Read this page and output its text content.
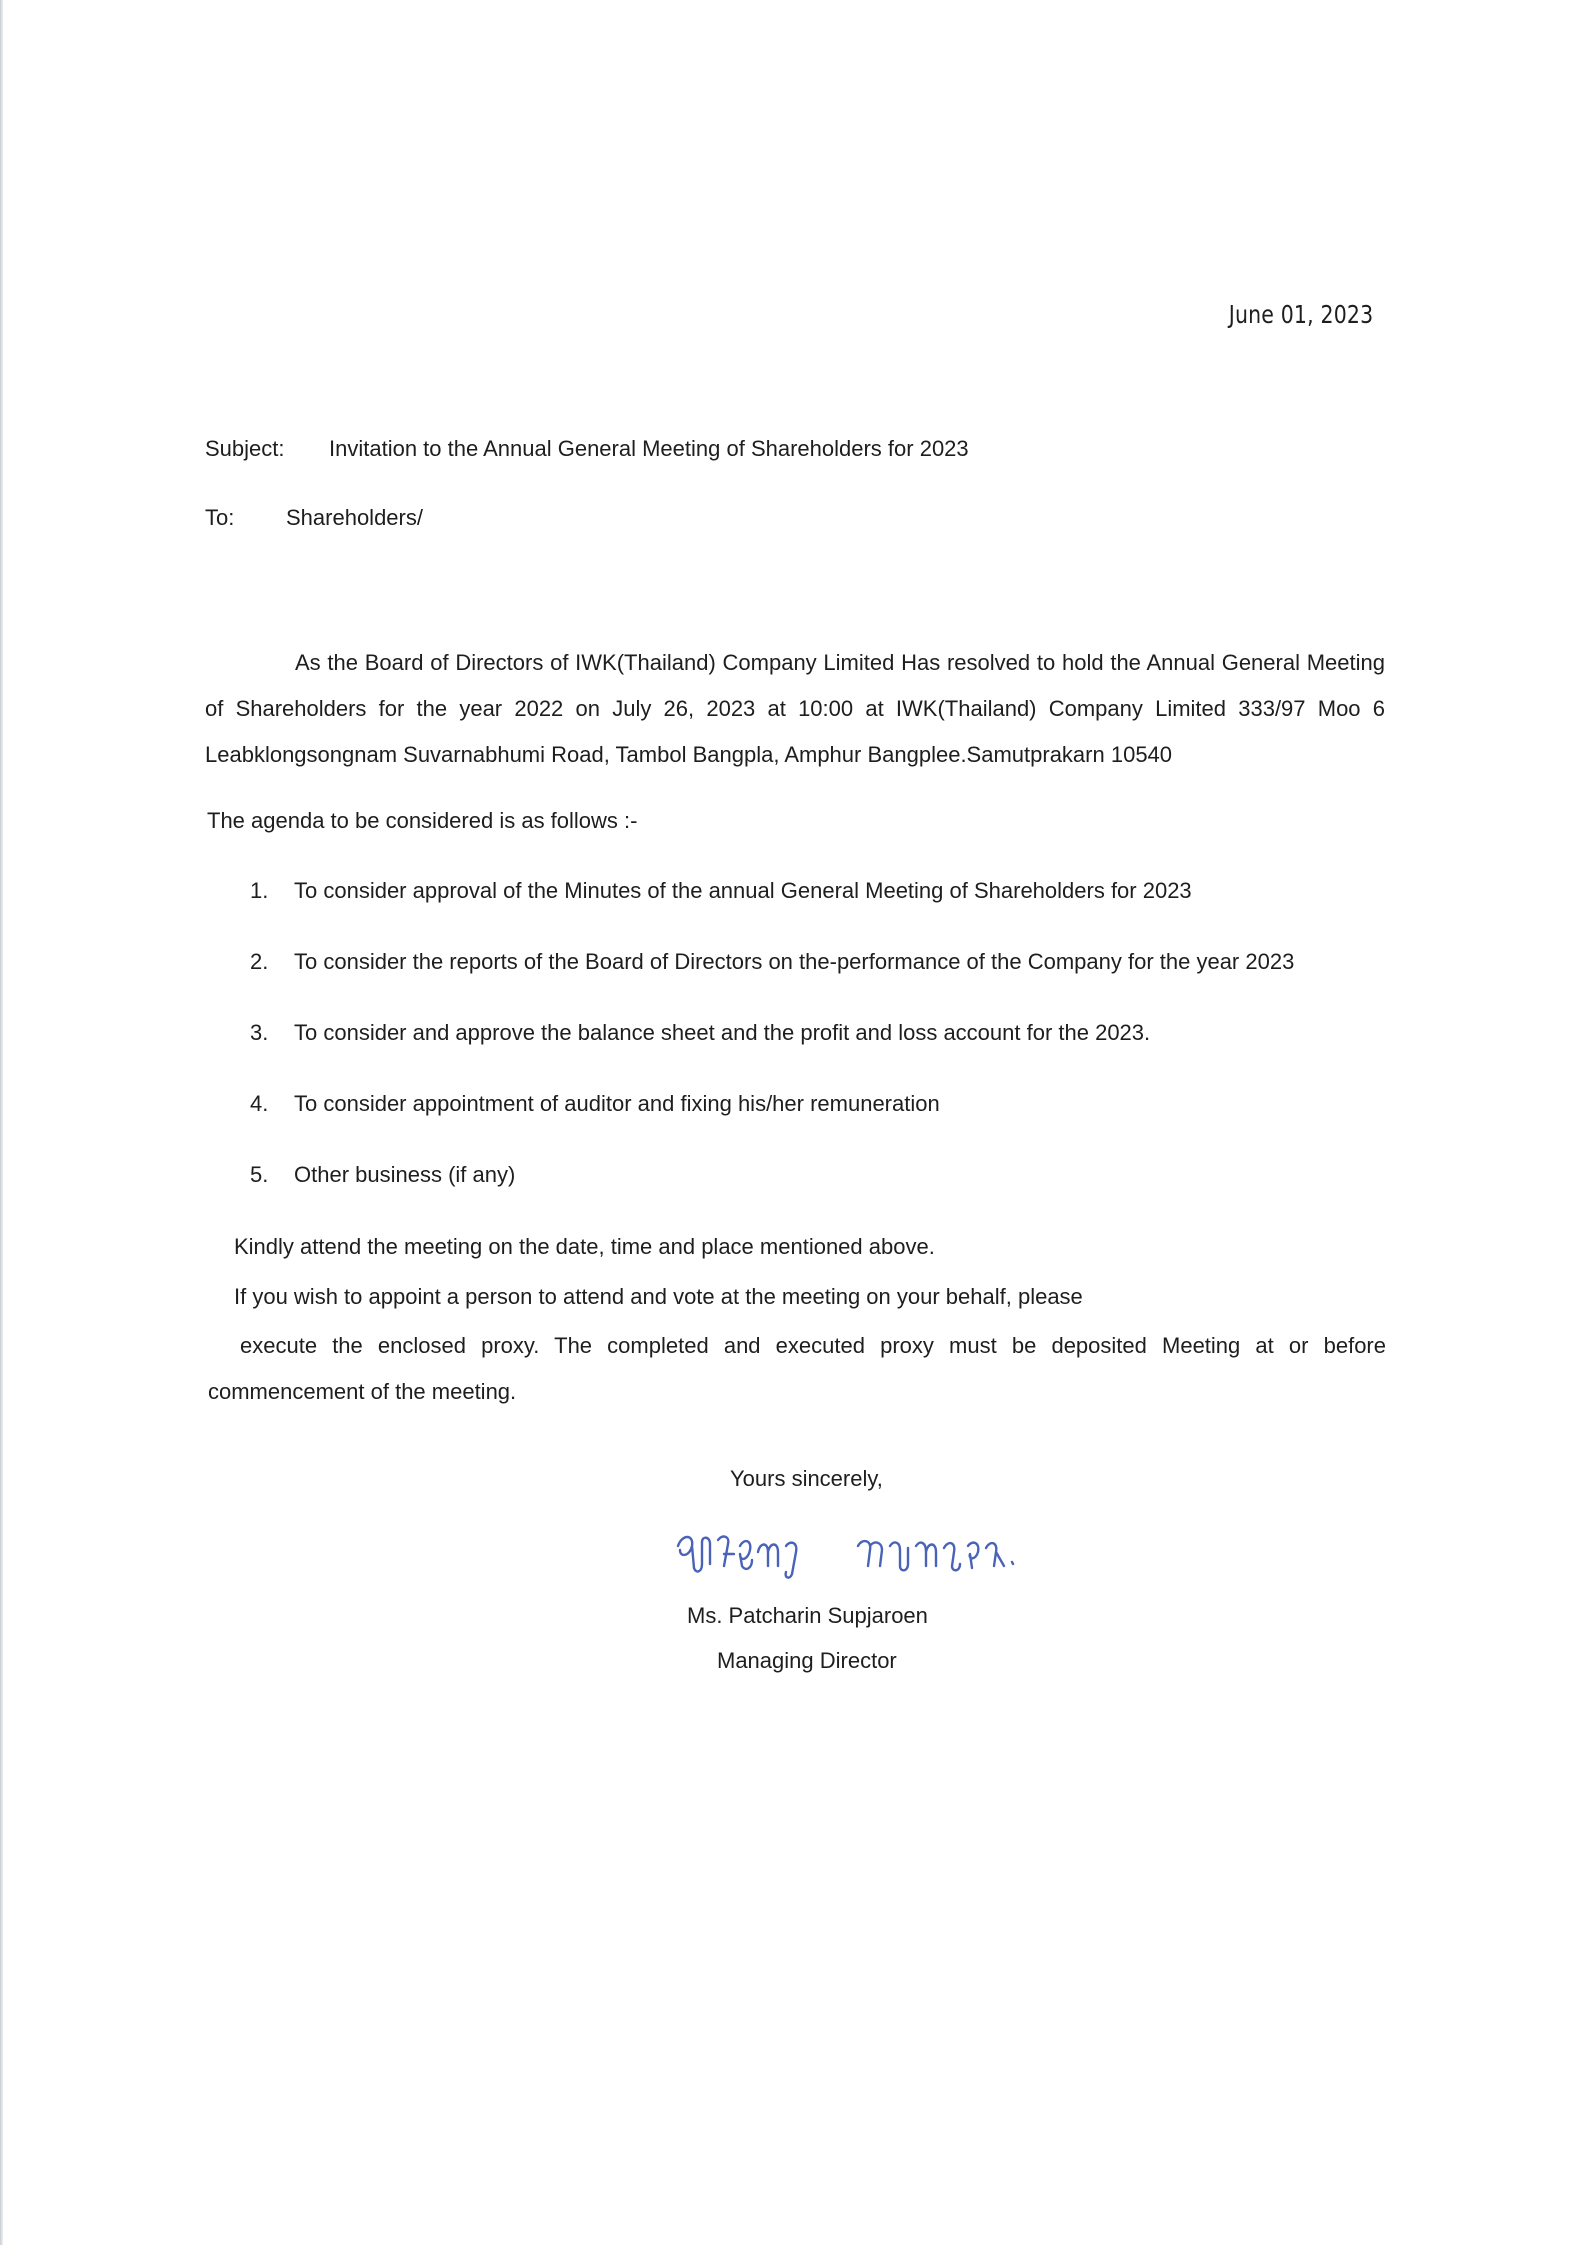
June 01, 2023
Subject: Invitation to the Annual General Meeting of Shareholders for 2023
To: Shareholders/
As the Board of Directors of IWK(Thailand) Company Limited Has resolved to hold the Annual General Meeting of Shareholders for the year 2022 on July 26, 2023 at 10:00 at IWK(Thailand) Company Limited 333/97 Moo 6 Leabklongsongnam Suvarnabhumi Road, Tambol Bangpla, Amphur Bangplee.Samutprakarn 10540
The agenda to be considered is as follows :-
1. To consider approval of the Minutes of the annual General Meeting of Shareholders for 2023
2. To consider the reports of the Board of Directors on the-performance of the Company for the year 2023
3. To consider and approve the balance sheet and the profit and loss account for the 2023.
4. To consider appointment of auditor and fixing his/her remuneration
5. Other business (if any)
Kindly attend the meeting on the date, time and place mentioned above.
If you wish to appoint a person to attend and vote at the meeting on your behalf, please
execute the enclosed proxy. The completed and executed proxy must be deposited Meeting at or before commencement of the meeting.
Yours sincerely,
Ms. Patcharin Supjaroen
Managing Director
